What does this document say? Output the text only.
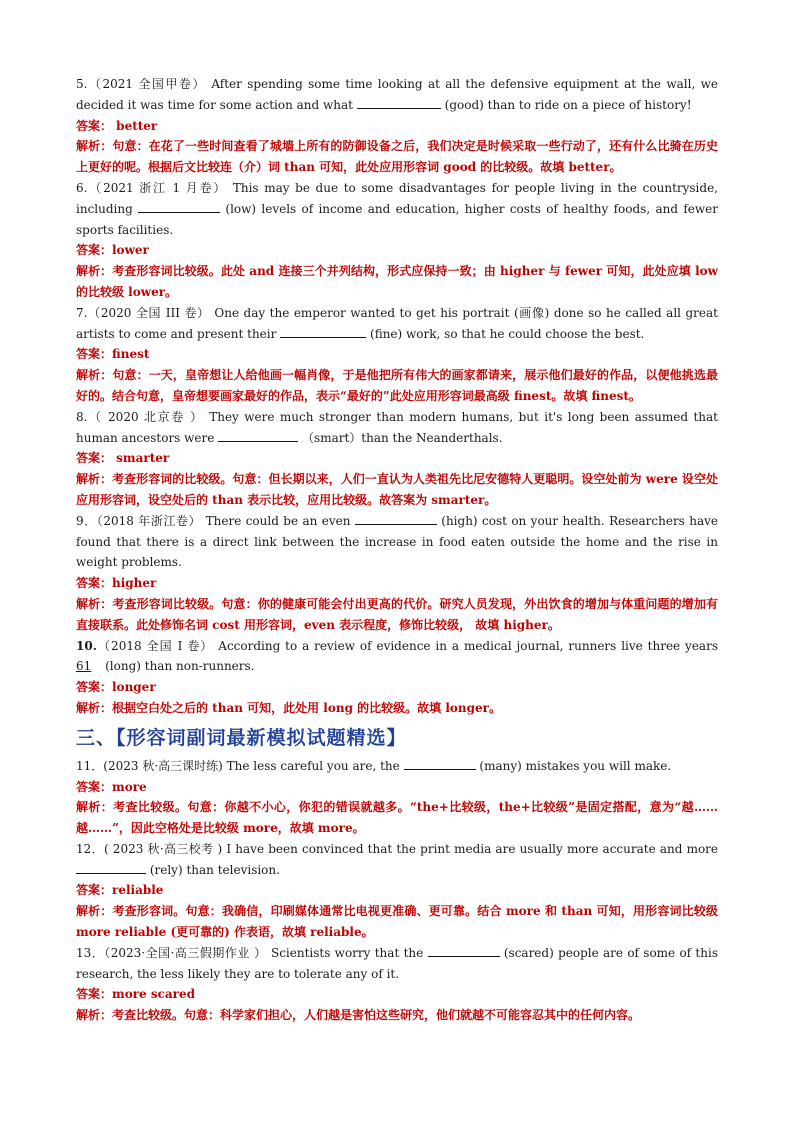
5.（2021 全国甲卷） After spending some time looking at all the defensive equipment at the wall, we decided it was time for some action and what	(good) than to ride on a piece of history!

答案： better

解析：句意：在花了一些时间查看了城墙上所有的防御设备之后，我们决定是时候采取一些行动了，还有什么比骑在历史上更好的呢。根据后文比较连（介）词 than 可知，此处应用形容词 good 的比较级。故填 better。

6.（2021 浙江 1 月卷） This may be due to some disadvantages for people living in the countryside, including	(low) levels of income and education, higher costs of healthy foods, and fewer sports facilities.

答案：lower

解析：考查形容词比较级。此处 and 连接三个并列结构，形式应保持一致；由 higher 与 fewer 可知，此处应填 low 的比较级 lower。

7.（2020 全国 III 卷） One day the emperor wanted to get his portrait (画像) done so he called all great artists to come and present their	(fine) work, so that he could choose the best.

答案：finest

解析：句意：一天，皇帝想让人给他画一幅肖像，于是他把所有伟大的画家都请来，展示他们最好的作品，以便他挑选最好的。结合句意，皇帝想要画家最好的作品，表示“最好的”此处应用形容词最高级 finest。故填 finest。

8.（ 2020 北京卷 ） They were much stronger than modern humans, but it's long been assumed that human ancestors were	（smart）than the Neanderthals.

答案： smarter

解析：考查形容词的比较级。句意：但长期以来，人们一直认为人类祖先比尼安德特人更聪明。设空处前为 were 设空处应用形容词，设空处后的 than 表示比较，应用比较级。故答案为 smarter。

9．（2018 年浙江卷） There could be an even	(high) cost on your health. Researchers have found that there is a direct link between the increase in food eaten outside the home and the rise in weight problems.

答案：higher

解析：考查形容词比较级。句意：你的健康可能会付出更高的代价。研究人员发现，外出饮食的增加与体重问题的增加有直接联系。此处修饰名词 cost 用形容词，even 表示程度，修饰比较级， 故填 higher。

10.（2018 全国 I 卷） According to a review of evidence in a medical journal, runners live three years 61 (long) than non-runners.

答案：longer

解析：根据空白处之后的 than 可知，此处用 long 的比较级。故填 longer。

三、【形容词副词最新模拟试题精选】

11．(2023 秋·高三课时练) The less careful you are, the	(many) mistakes you will make.

答案：more

解析：考查比较级。句意：你越不小心，你犯的错误就越多。“the+比较级，the+比较级”是固定搭配，意为“越……越……”，因此空格处是比较级 more，故填 more。

12．( 2023 秋·高三校考 ) I have been convinced that the print media are usually more accurate and more  (rely) than television.

答案：reliable

解析：考查形容词。句意：我确信，印刷媒体通常比电视更准确、更可靠。结合 more 和 than 可知，用形容词比较级 more reliable (更可靠的) 作表语，故填 reliable。

13．（2023·全国·高三假期作业 ） Scientists worry that the	(scared) people are of some of this research, the less likely they are to tolerate any of it.

答案：more scared

解析：考查比较级。句意：科学家们担心，人们越是害怕这些研究，他们就越不可能容忍其中的任何内容。
